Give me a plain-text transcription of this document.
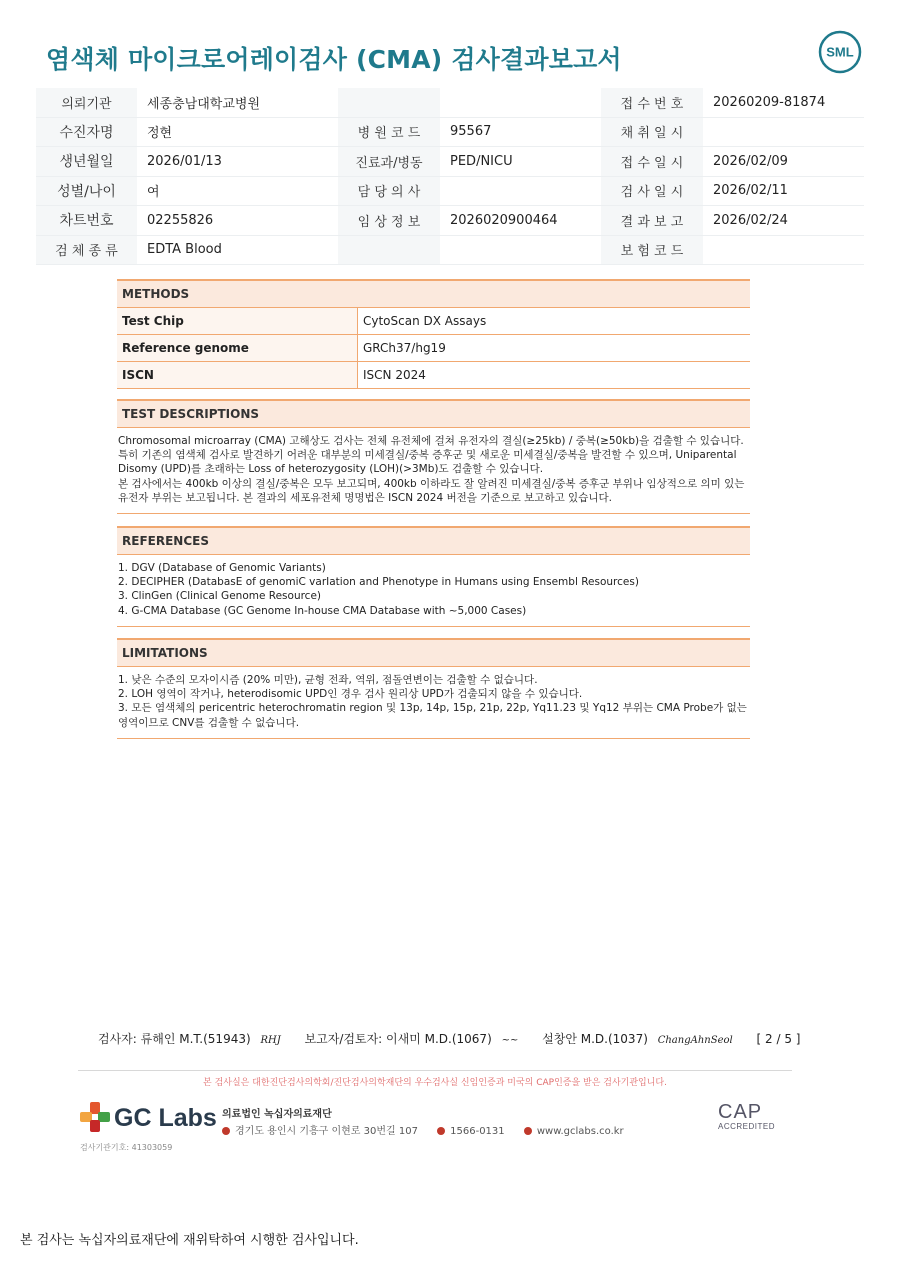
염색체 마이크로어레이검사 (CMA) 검사결과보고서	SML
의뢰기관	세종충남대학교병원			접 수 번 호	20260209-81874
수진자명	정현	병 원 코 드	95567	채 취 일 시	
생년월일	2026/01/13	진료과/병동	PED/NICU	접 수 일 시	2026/02/09
성별/나이	여	담 당 의 사		검 사 일 시	2026/02/11
차트번호	02255826	임 상 정 보	2026020900464	결 과 보 고	2026/02/24
검 체 종 류	EDTA Blood			보 험 코 드	
METHODS
Test Chip	CytoScan DX Assays
Reference genome	GRCh37/hg19
ISCN	ISCN 2024
TEST DESCRIPTIONS
Chromosomal microarray (CMA) 고해상도 검사는 전체 유전체에 걸쳐 유전자의 결실(≥25kb) / 중복(≥50kb)을 검출할 수 있습니다.
특히 기존의 염색체 검사로 발견하기 어려운 대부분의 미세결실/중복 증후군 및 새로운 미세결실/중복을 발견할 수 있으며, Uniparental Disomy (UPD)를 초래하는 Loss of heterozygosity (LOH)(>3Mb)도 검출할 수 있습니다.
본 검사에서는 400kb 이상의 결실/중복은 모두 보고되며, 400kb 이하라도 잘 알려진 미세결실/중복 증후군 부위나 임상적으로 의미 있는 유전자 부위는 보고됩니다. 본 결과의 세포유전체 명명법은 ISCN 2024 버전을 기준으로 보고하고 있습니다.
REFERENCES
1. DGV (Database of Genomic Variants)
2. DECIPHER (DatabasE of genomiC varIation and Phenotype in Humans using Ensembl Resources)
3. ClinGen (Clinical Genome Resource)
4. G-CMA Database (GC Genome In-house CMA Database with ~5,000 Cases)
LIMITATIONS
1. 낮은 수준의 모자이시즘 (20% 미만), 균형 전좌, 역위, 점돌연변이는 검출할 수 없습니다.
2. LOH 영역이 작거나, heterodisomic UPD인 경우 검사 원리상 UPD가 검출되지 않을 수 있습니다.
3. 모든 염색체의 pericentric heterochromatin region 및 13p, 14p, 15p, 21p, 22p, Yq11.23 및 Yq12 부위는 CMA Probe가 없는 영역이므로 CNV를 검출할 수 없습니다.
검사자: 류해인 M.T.(51943) RHJ 보고자/검토자: 이새미 M.D.(1067) ~~ 설창안 M.D.(1037) ChangAhnSeol [ 2 / 5 ]
본 검사실은 대한진단검사의학회/진단검사의학재단의 우수검사실 신임인증과 미국의 CAP인증을 받은 검사기관입니다.
GC Labs
검사기관기호: 41303059
의료법인 녹십자의료재단
경기도 용인시 기흥구 이현로 30번길 107	1566-0131	www.gclabs.co.kr
CAP
ACCREDITED
본 검사는 녹십자의료재단에 재위탁하여 시행한 검사입니다.
